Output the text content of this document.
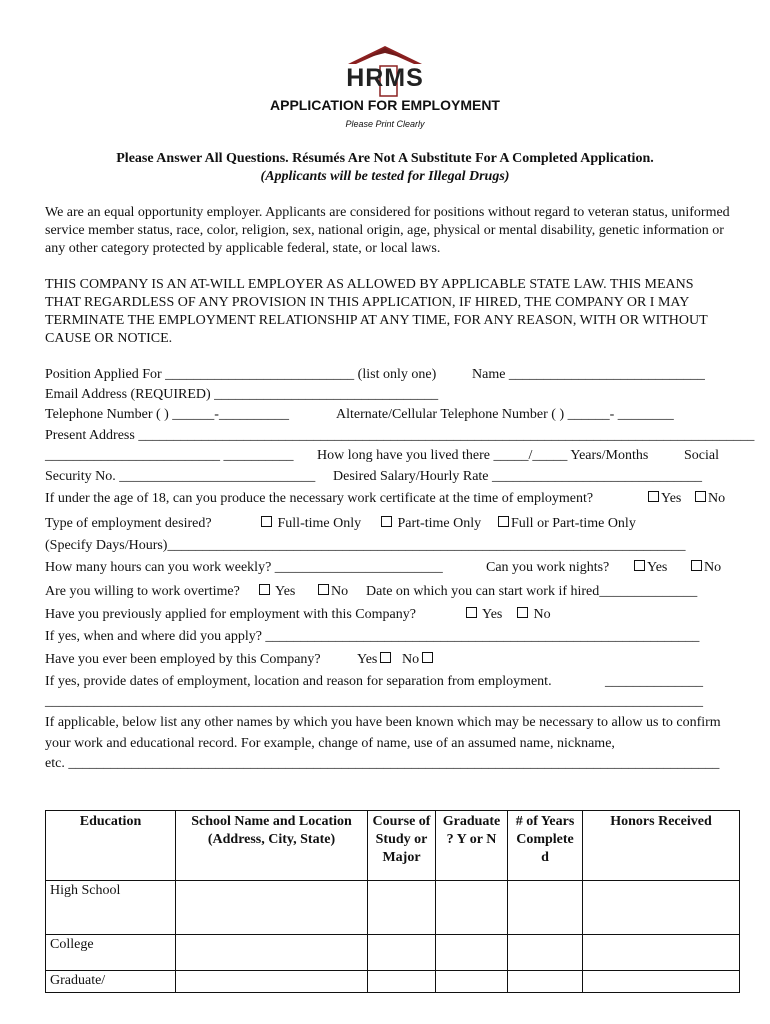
HRMS
APPLICATION FOR EMPLOYMENT
Please Print Clearly
Please Answer All Questions. Résumés Are Not A Substitute For A Completed Application.
(Applicants will be tested for Illegal Drugs)
We are an equal opportunity employer. Applicants are considered for positions without regard to veteran status, uniformed service member status, race, color, religion, sex, national origin, age, physical or mental disability, genetic information or any other category protected by applicable federal, state, or local laws.
THIS COMPANY IS AN AT-WILL EMPLOYER AS ALLOWED BY APPLICABLE STATE LAW. THIS MEANS THAT REGARDLESS OF ANY PROVISION IN THIS APPLICATION, IF HIRED, THE COMPANY OR I MAY TERMINATE THE EMPLOYMENT RELATIONSHIP AT ANY TIME, FOR ANY REASON, WITH OR WITHOUT CAUSE OR NOTICE.
Position Applied For ___________________________ (list only one)	Name ____________________________
Email Address (REQUIRED) ________________________________
Telephone Number ( ) ______-__________	Alternate/Cellular Telephone Number ( ) ______- ________
Present Address ________________________________________________________________________________________
_________________________ __________ How long have you lived there _____/_____ Years/Months	Social
Security No. ____________________________ Desired Salary/Hourly Rate ______________________________
If under the age of 18, can you produce the necessary work certificate at the time of employment?	Yes	No
Type of employment desired?	Full-time Only	Part-time Only	Full or Part-time Only
(Specify Days/Hours)__________________________________________________________________________
How many hours can you work weekly? ________________________	Can you work nights?	Yes	No
Are you willing to work overtime?	Yes	No Date on which you can start work if hired______________
Have you previously applied for employment with this Company?	Yes	No
If yes, when and where did you apply? ______________________________________________________________
Have you ever been employed by this Company?	Yes	No
If yes, provide dates of employment, location and reason for separation from employment.	______________
______________________________________________________________________________________________
If applicable, below list any other names by which you have been known which may be necessary to allow us to confirm your work and educational record. For example, change of name, use of an assumed name, nickname,
etc. _____________________________________________________________________________________________
Education	School Name and Location (Address, City, State)	Course of Study or Major	Graduate ? Y or N	# of Years Complete d	Honors Received
High School					
College					
Graduate/					
